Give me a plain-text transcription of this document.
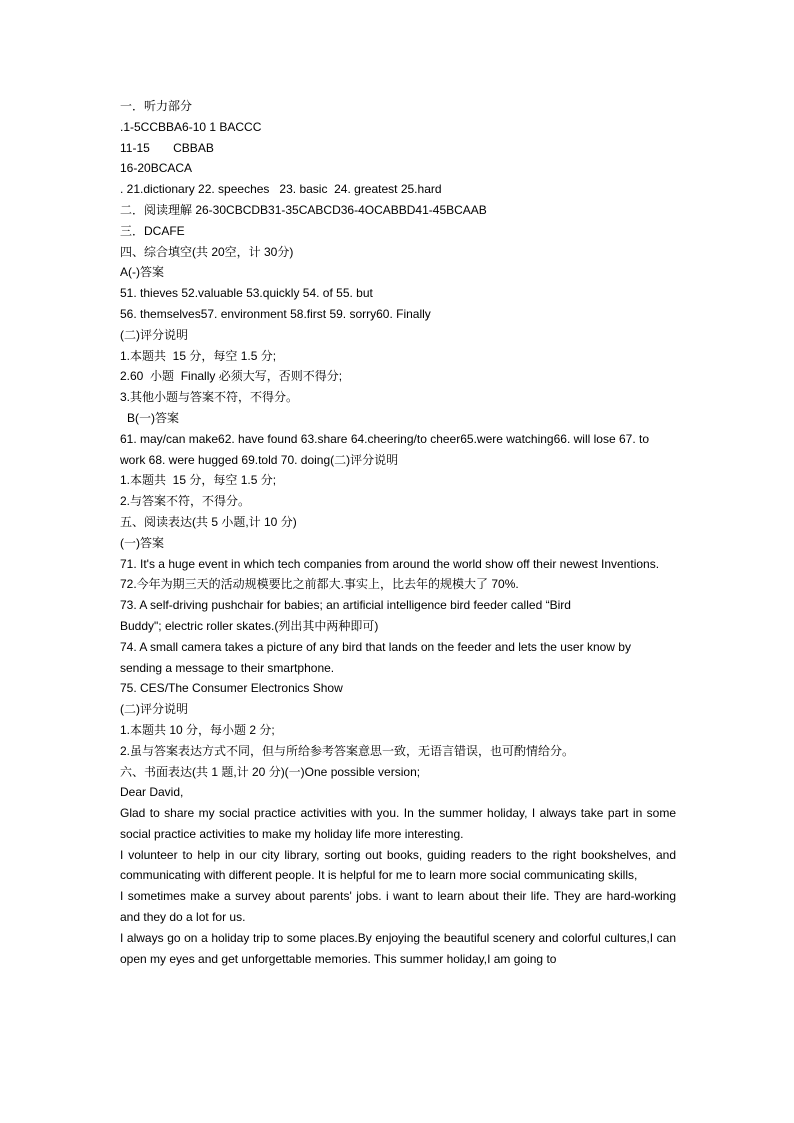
一．听力部分
.1-5CCBBA6-10 1 BACCC
11-15       CBBAB
16-20BCACA
. 21.dictionary 22. speeches   23. basic  24. greatest 25.hard
二．阅读理解 26-30CBCDB31-35CABCD36-4OCABBD41-45BCAAB
三．DCAFE
四、综合填空(共 20空，计 30分)
A(-)答案
51. thieves 52.valuable 53.quickly 54. of 55. but
56. themselves57. environment 58.first 59. sorry60. Finally
(二)评分说明
1.本题共  15 分，每空 1.5 分;
2.60  小题  Finally 必须大写，否则不得分;
3.其他小题与答案不符，不得分。
B(一)答案
61. may/can make62. have found 63.share 64.cheering/to cheer65.were watching66. will lose 67. to work 68. were hugged 69.told 70. doing(二)评分说明
1.本题共  15 分，每空 1.5 分;
2.与答案不符，不得分。
五、阅读表达(共 5 小题,计 10 分)
(一)答案
71. It's a huge event in which tech companies from around the world show off their newest Inventions.
72.今年为期三天的活动规模要比之前都大.事实上，比去年的规模大了 70%.
73. A self-driving pushchair for babies; an artificial intelligence bird feeder called “Bird
Buddy"; electric roller skates.(列出其中两种即可)
74. A small camera takes a picture of any bird that lands on the feeder and lets the user know by sending a message to their smartphone.
75. CES/The Consumer Electronics Show
(二)评分说明
1.本题共 10 分，每小题 2 分;
2.虽与答案表达方式不同，但与所给参考答案意思一致，无语言错误，也可酌情给分。
六、书面表达(共 1 题,计 20 分)(一)One possible version;
Dear David,
Glad to share my social practice activities with you. In the summer holiday, I always take part in some social practice activities to make my holiday life more interesting.
I volunteer to help in our city library, sorting out books, guiding readers to the right bookshelves, and communicating with different people. It is helpful for me to learn more social communicating skills,
I sometimes make a survey about parents' jobs. i want to learn about their life. They are hard-working and they do a lot for us.
I always go on a holiday trip to some places.By enjoying the beautiful scenery and colorful cultures,I can open my eyes and get unforgettable memories. This summer holiday,I am going to
